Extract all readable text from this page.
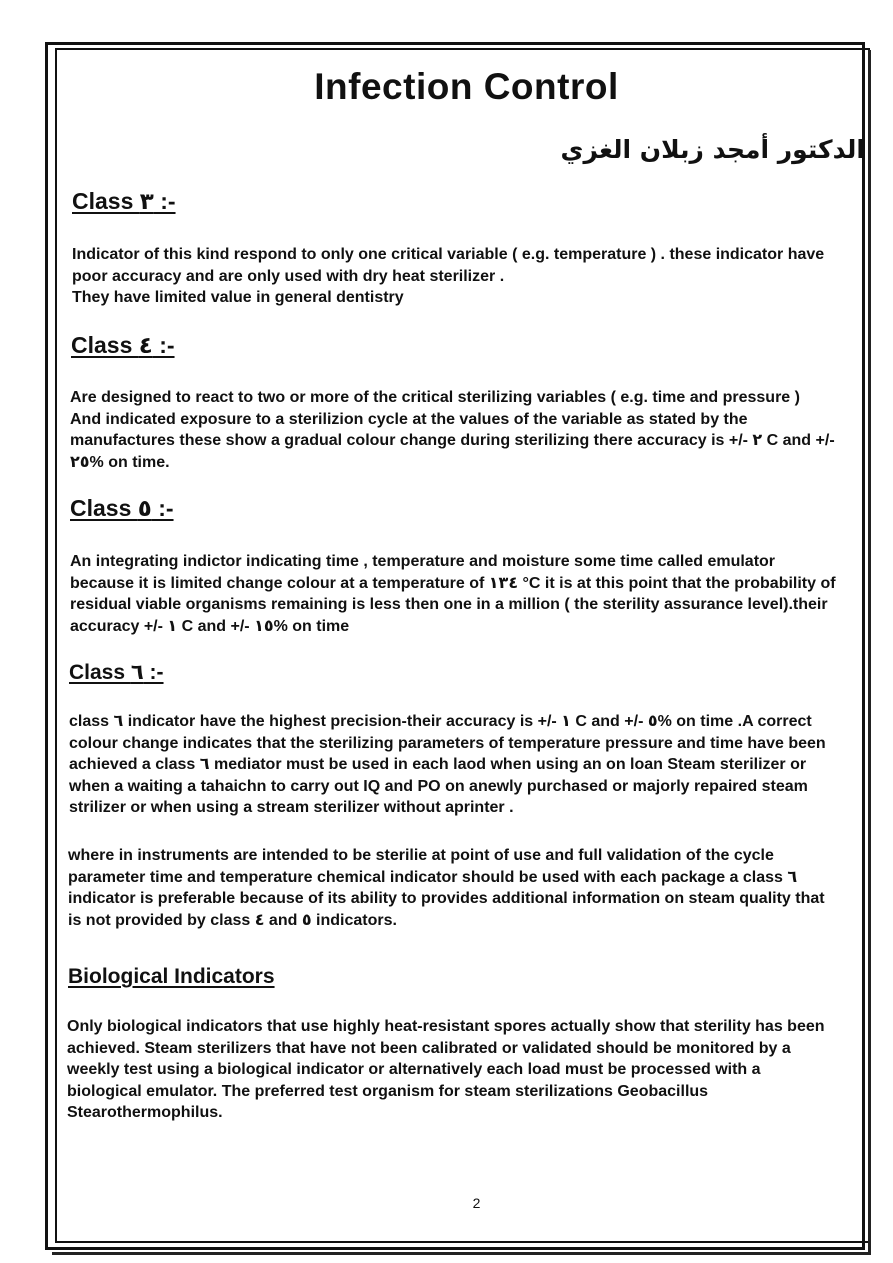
Infection Control
الدكتور أمجد زبلان الغزي
Class ٣ :-
Indicator of this kind respond to only one critical variable ( e.g. temperature ) . these indicator have
poor accuracy and are only used with dry heat sterilizer .
They have limited value in general dentistry
Class ٤ :-
Are designed to react to two or more of the critical sterilizing variables ( e.g. time and pressure )
And indicated exposure to a sterilizion cycle at the values of the variable as stated by the
manufactures these show a gradual colour change during sterilizing there accuracy is +/- ٢ C and +/-
٢٥% on time.
Class ٥ :-
An integrating indictor indicating time , temperature and moisture some time called emulator
because it is limited change colour at a temperature of ١٣٤ °C it is at this point that the probability of
residual viable organisms remaining is less then one in a million ( the sterility assurance level).their
accuracy +/- ١ C and +/- ١٥% on time
Class ٦ :-
class ٦ indicator have the highest precision-their accuracy is +/- ١ C and +/- ٥% on time .A correct
colour change indicates that the sterilizing parameters of temperature pressure and time have been
achieved a class ٦ mediator must be used in each laod when using an on loan Steam sterilizer or
when a waiting a tahaichn to carry out IQ and PO on anewly purchased or majorly repaired steam
strilizer or when using a stream sterilizer without aprinter .
where in instruments are intended to be sterilie at point of use and full validation of the cycle
parameter time and temperature chemical indicator should be used with each package a class ٦
indicator is preferable because of its ability to provides additional information on steam quality that
is not provided by class ٤ and ٥ indicators.
Biological Indicators
Only biological indicators that use highly heat-resistant spores actually show that sterility has been
achieved. Steam sterilizers that have not been calibrated or validated should be monitored by a
weekly test using a biological indicator or alternatively each load must be processed with a
biological emulator. The preferred test organism for steam sterilizations Geobacillus
Stearothermophilus.
2
